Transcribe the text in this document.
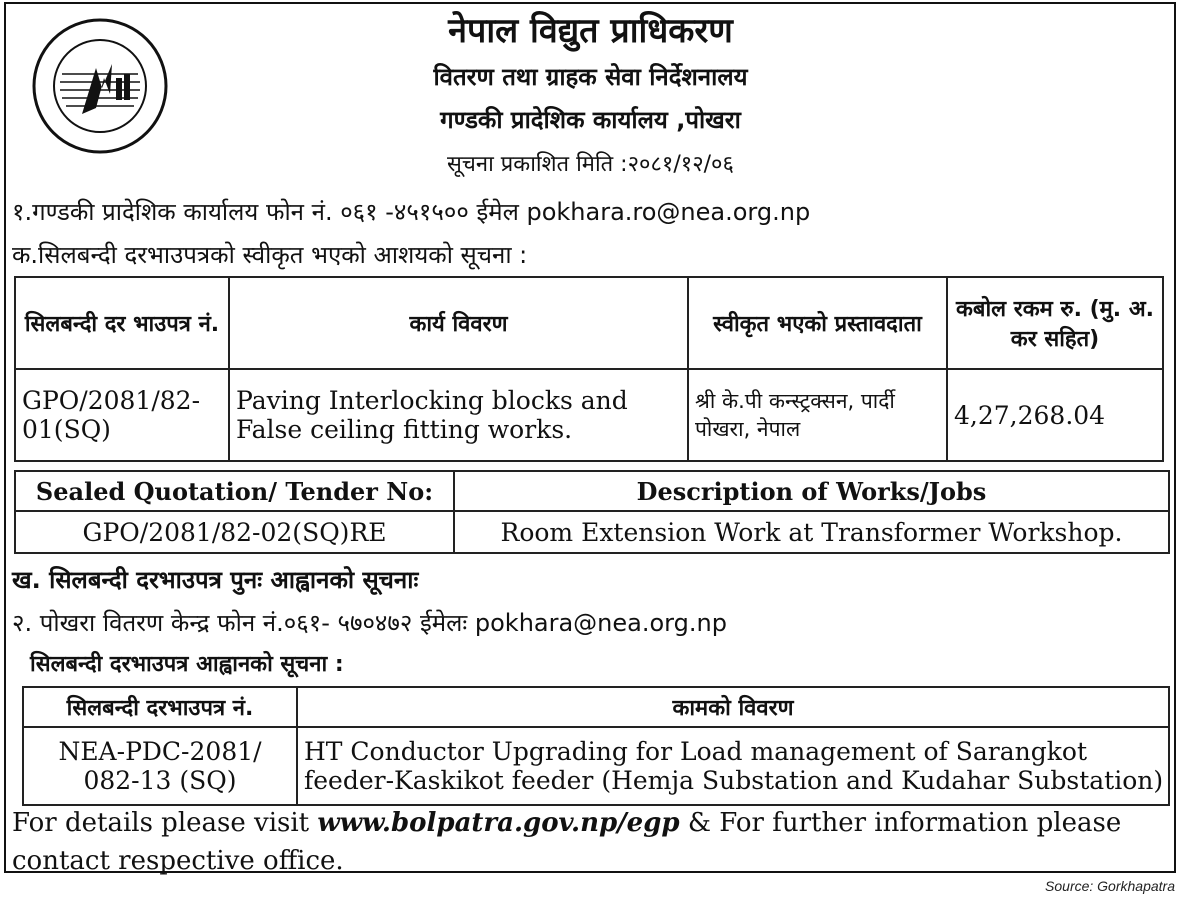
नेपाल विद्युत प्राधिकरण
वितरण तथा ग्राहक सेवा निर्देशनालय
गण्डकी प्रादेशिक कार्यालय ,पोखरा
सूचना प्रकाशित मिति :२०८१/१२/०६
१.गण्डकी प्रादेशिक कार्यालय फोन नं. ०६१ -४५१५०० ईमेल pokhara.ro@nea.org.np
क.सिलबन्दी दरभाउपत्रको स्वीकृत भएको आशयको सूचना :
सिलबन्दी दर भाउपत्र नं.	कार्य विवरण	स्वीकृत भएको प्रस्तावदाता	कबोल रकम रु. (मु. अ. कर सहित)
GPO/2081/82-01(SQ)	Paving Interlocking blocks and False ceiling fitting works.	श्री के.पी कन्स्ट्रक्सन, पार्दी पोखरा, नेपाल	4,27,268.04
Sealed Quotation/ Tender No:	Description of Works/Jobs
GPO/2081/82-02(SQ)RE	Room Extension Work at Transformer Workshop.
ख. सिलबन्दी दरभाउपत्र पुनः आह्वानको सूचनाः
२. पोखरा वितरण केन्द्र फोन नं.०६१- ५७०४७२ ईमेलः pokhara@nea.org.np
सिलबन्दी दरभाउपत्र आह्वानको सूचना :
सिलबन्दी दरभाउपत्र नं.	कामको विवरण
NEA-PDC-2081/ 082-13 (SQ)	HT Conductor Upgrading for Load management of Sarangkot feeder-Kaskikot feeder (Hemja Substation and Kudahar Substation)
For details please visit www.bolpatra.gov.np/egp & For further information please contact respective office.
Source: Gorkhapatra
